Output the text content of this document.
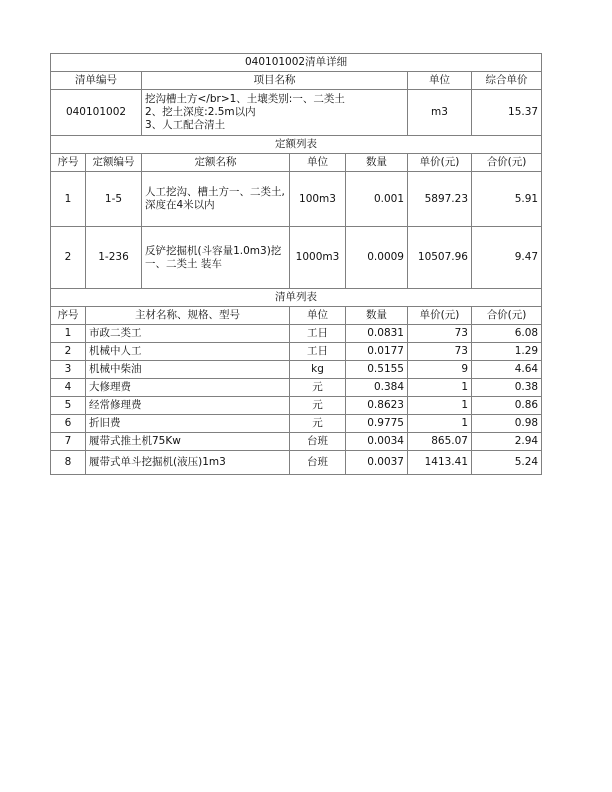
040101002清单详细						
清单编号		项目名称			单位	综合单价
040101002		挖沟槽土方</br>1、土壤类别:一、二类土
2、挖土深度:2.5m以内
3、人工配合清土			m3	15.37
定额列表						
序号	定额编号	定额名称	单位	数量	单价(元)	合价(元)
1	1-5	人工挖沟、槽土方一、二类土,深度在4米以内	100m3	0.001	5897.23	5.91
2	1-236	反铲挖掘机(斗容量1.0m3)挖一、二类土 装车	1000m3	0.0009	10507.96	9.47
清单列表						
序号	主材名称、规格、型号		单位	数量	单价(元)	合价(元)
1	市政二类工		工日	0.0831	73	6.08
2	机械中人工		工日	0.0177	73	1.29
3	机械中柴油		kg	0.5155	9	4.64
4	大修理费		元	0.384	1	0.38
5	经常修理费		元	0.8623	1	0.86
6	折旧费		元	0.9775	1	0.98
7	履带式推土机75Kw		台班	0.0034	865.07	2.94
8	履带式单斗挖掘机(液压)1m3		台班	0.0037	1413.41	5.24
